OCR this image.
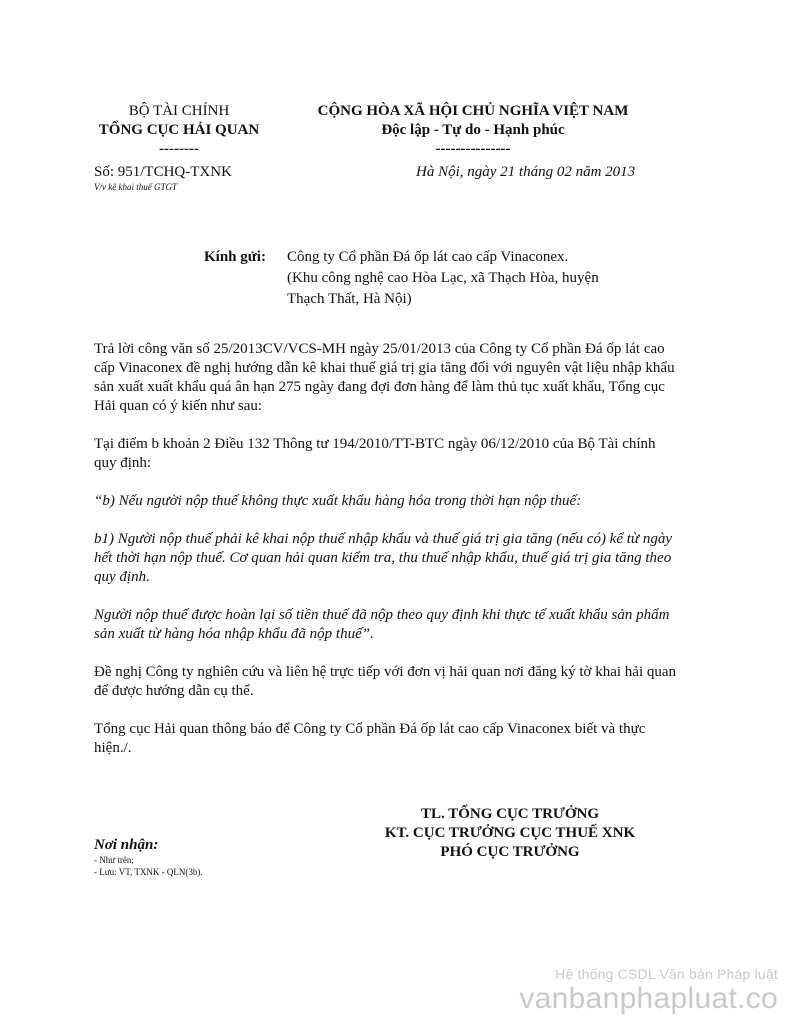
BỘ TÀI CHÍNH
TỔNG CỤC HẢI QUAN
--------
CỘNG HÒA XÃ HỘI CHỦ NGHĨA VIỆT NAM
Độc lập - Tự do - Hạnh phúc
---------------
Số: 951/TCHQ-TXNK
V/v kê khai thuế GTGT
Hà Nội, ngày 21 tháng 02 năm 2013
Kính gửi: Công ty Cổ phần Đá ốp lát cao cấp Vinaconex.
(Khu công nghệ cao Hòa Lạc, xã Thạch Hòa, huyện
Thạch Thất, Hà Nội)

Trả lời công văn số 25/2013CV/VCS-MH ngày 25/01/2013 của Công ty Cổ phần Đá ốp lát cao
cấp Vinaconex đề nghị hướng dẫn kê khai thuế giá trị gia tăng đối với nguyên vật liệu nhập khẩu
sản xuất xuất khẩu quá ân hạn 275 ngày đang đợi đơn hàng để làm thủ tục xuất khẩu, Tổng cục
Hải quan có ý kiến như sau:

Tại điểm b khoản 2 Điều 132 Thông tư 194/2010/TT-BTC ngày 06/12/2010 của Bộ Tài chính
quy định:

“b) Nếu người nộp thuế không thực xuất khẩu hàng hóa trong thời hạn nộp thuế:

b1) Người nộp thuế phải kê khai nộp thuế nhập khẩu và thuế giá trị gia tăng (nếu có) kể từ ngày
hết thời hạn nộp thuế. Cơ quan hải quan kiểm tra, thu thuế nhập khẩu, thuế giá trị gia tăng theo
quy định.

Người nộp thuế được hoàn lại số tiền thuế đã nộp theo quy định khi thực tế xuất khẩu sản phẩm
sản xuất từ hàng hóa nhập khẩu đã nộp thuế”.

Đề nghị Công ty nghiên cứu và liên hệ trực tiếp với đơn vị hải quan nơi đăng ký tờ khai hải quan
để được hướng dẫn cụ thể.

Tổng cục Hải quan thông báo để Công ty Cổ phần Đá ốp lát cao cấp Vinaconex biết và thực
hiện./.

TL. TỔNG CỤC TRƯỞNG
KT. CỤC TRƯỞNG CỤC THUẾ XNK
PHÓ CỤC TRƯỞNG
Nơi nhận:
- Như trên;
- Lưu: VT, TXNK - QLN(3b).
Hệ thống CSDL Văn bản Pháp luật
vanbanphapluat.co
